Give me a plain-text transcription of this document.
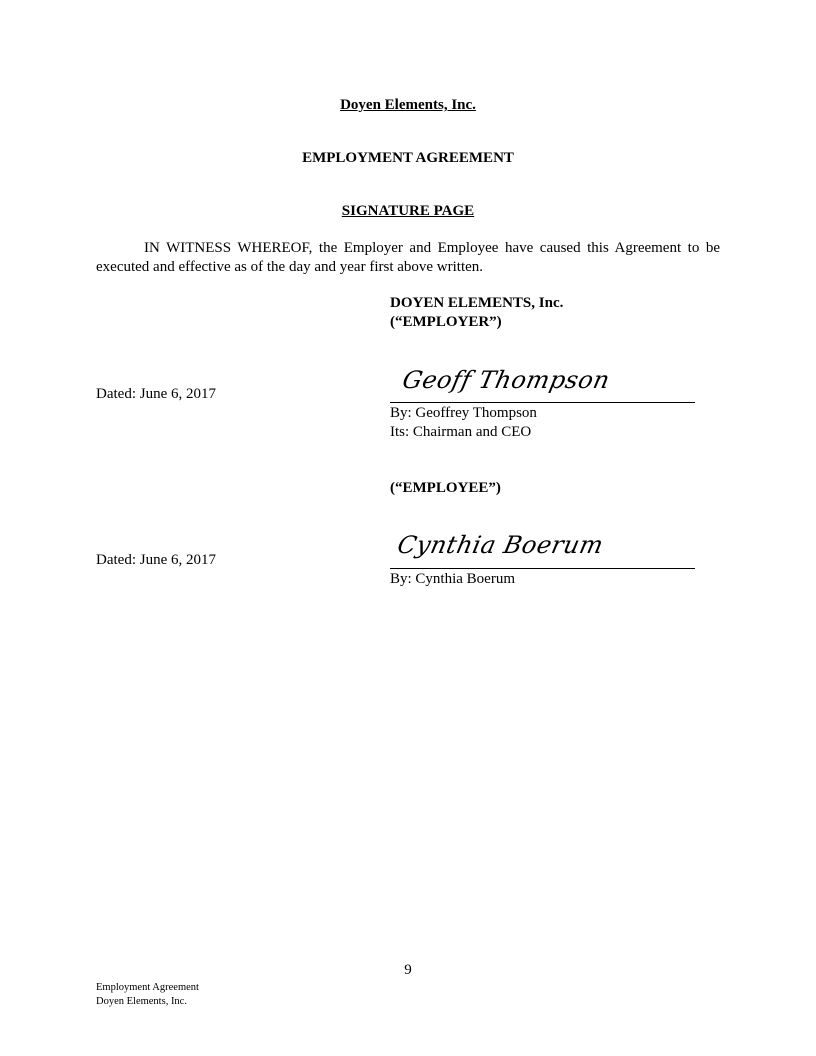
Doyen Elements, Inc.
EMPLOYMENT AGREEMENT
SIGNATURE PAGE
IN WITNESS WHEREOF, the Employer and Employee have caused this Agreement to be executed and effective as of the day and year first above written.
DOYEN ELEMENTS, Inc.
(“EMPLOYER”)
Dated: June 6, 2017	Geoff Thompson
By: Geoffrey Thompson
Its: Chairman and CEO
(“EMPLOYEE”)
Dated: June 6, 2017
Cynthia Boerum
By: Cynthia Boerum
9
Employment Agreement
Doyen Elements, Inc.
